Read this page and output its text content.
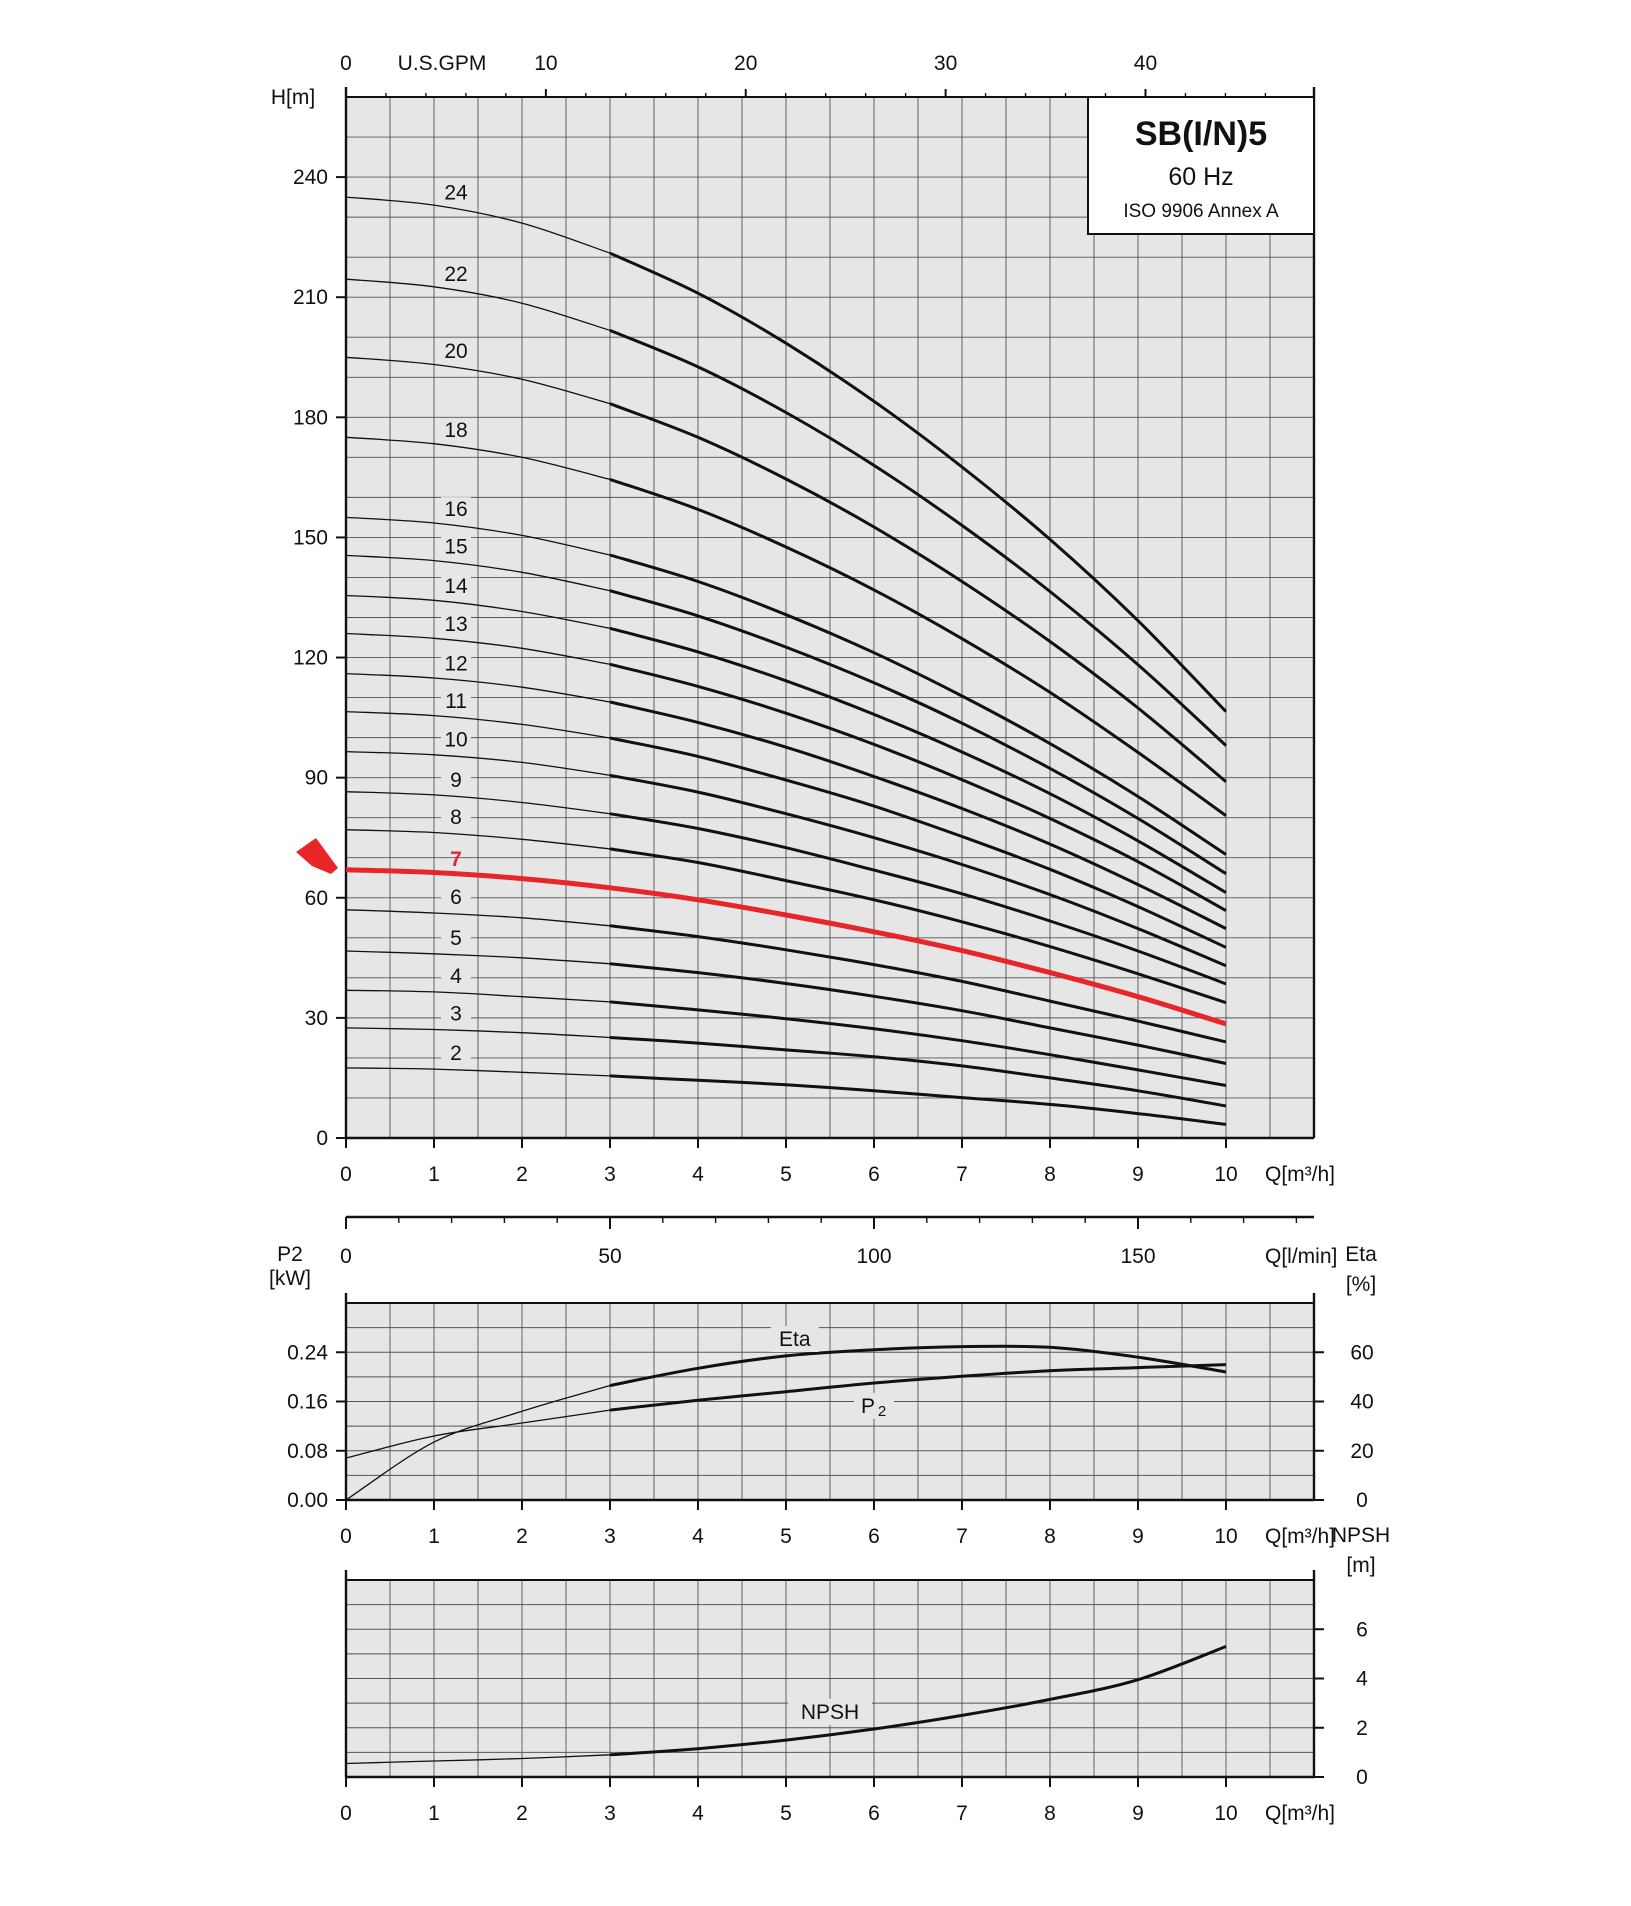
0	1	2	3	4	5	6	7	8	9	10
0	1	2	3	4	5	6	7	8	9	10
0	1	2	3	4	5	6	7	8	9	10
0	10	20	30	40
0
30
60
90
120
150
180
210
240
0	50	100	150
0.00
0.08
0.16
0.24
0
20
40
60
0
2
4
6
2
3
4
5
6
7
8
9
10
11
12
13
14
15
16
18
20
22
24
Eta
P 2
NPSH
SB(I/N)5
60 Hz
ISO 9906 Annex A
H[m]
U.S.GPM
Q[m³/h]
Q[l/min]
Q[m³/h]
Q[m³/h]
P2 [kW]
Eta [%]
NPSH [m]
